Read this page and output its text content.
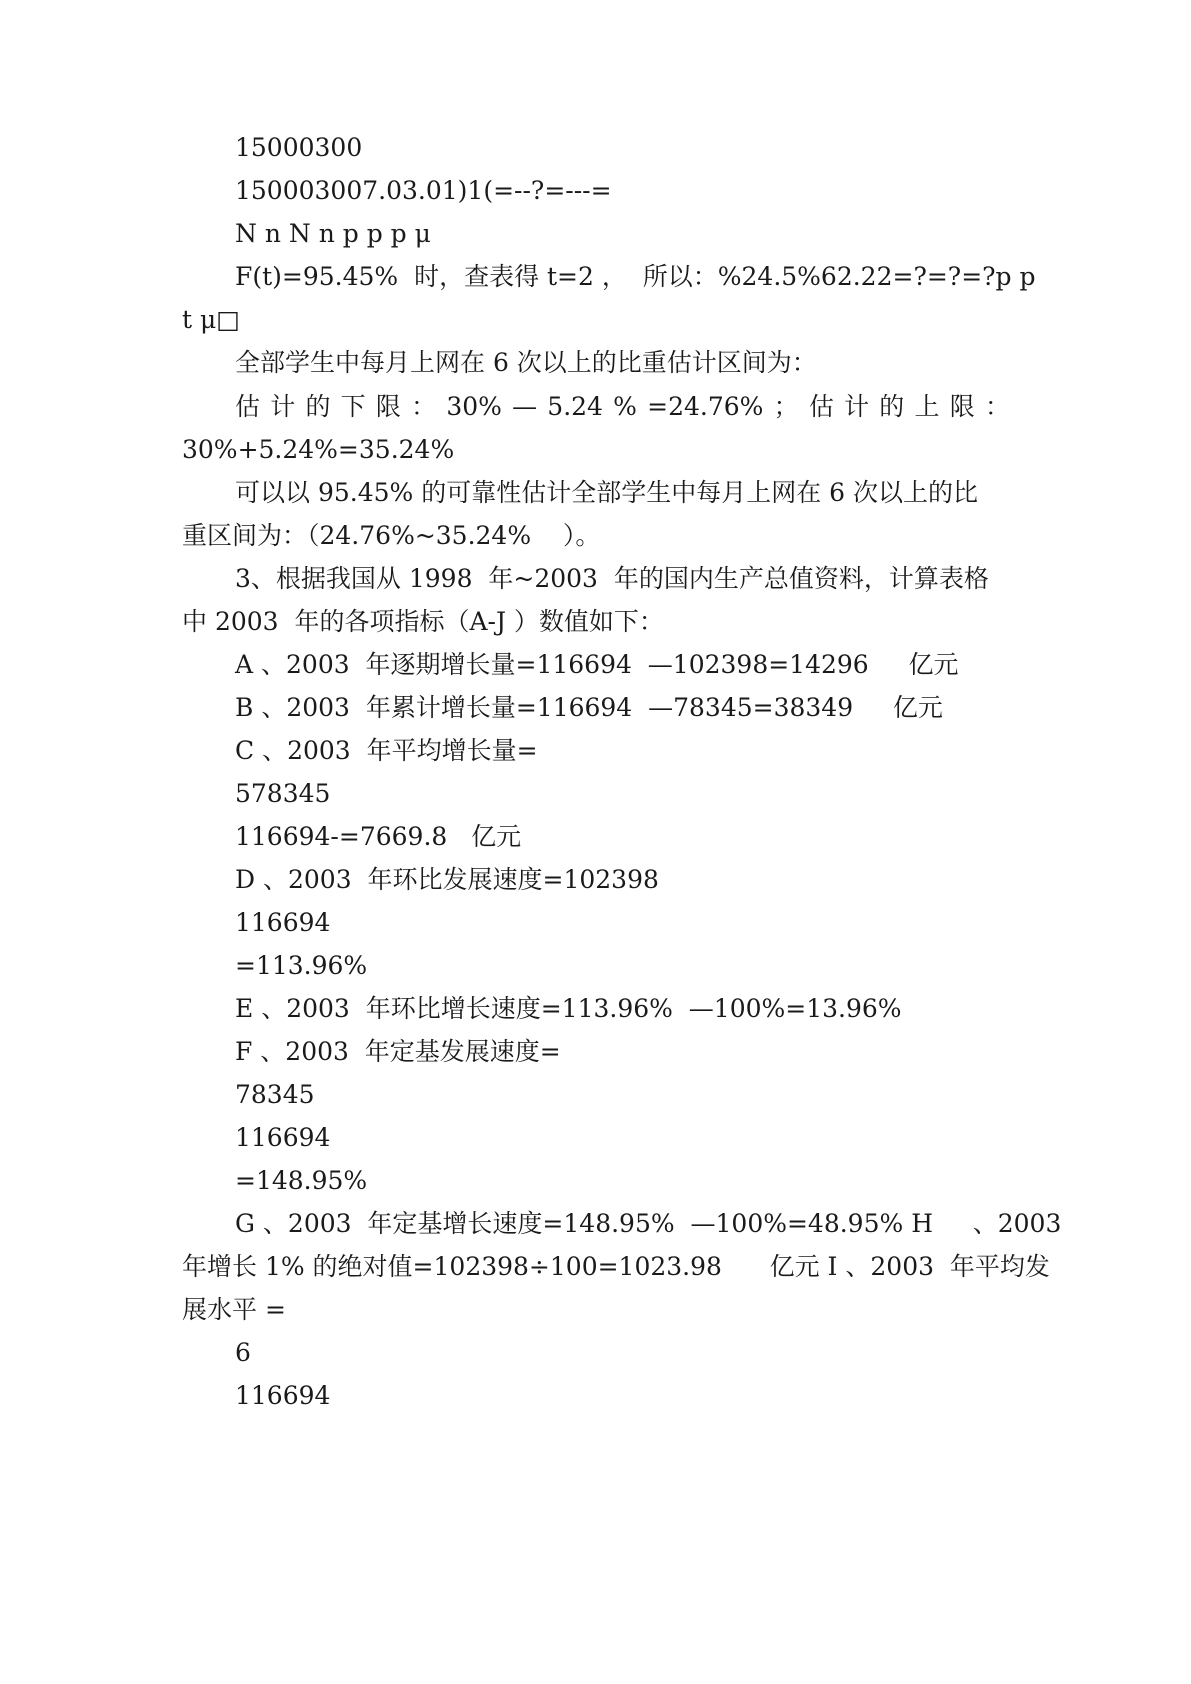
15000300
150003007.03.01)1(=--?=---=
N n N n p p p μ
F(t)=95.45%  时，查表得 t=2 ，  所以：%24.5%62.22=?=?=?p p
t μ□
全部学生中每月上网在 6 次以上的比重估计区间为：
估 计 的 下 限 ： 30% — 5.24 % =24.76% ； 估 计 的 上 限 ：
30%+5.24%=35.24%
可以以 95.45% 的可靠性估计全部学生中每月上网在 6 次以上的比
重区间为：（24.76%~35.24%    ）。
3、根据我国从 1998  年~2003  年的国内生产总值资料，计算表格
中 2003  年的各项指标（A-J ）数值如下：
A 、2003  年逐期增长量=116694  —102398=14296     亿元
B 、2003  年累计增长量=116694  —78345=38349     亿元
C 、2003  年平均增长量=
578345
116694-=7669.8   亿元
D 、2003  年环比发展速度=102398
116694
=113.96%
E 、2003  年环比增长速度=113.96%  —100%=13.96%
F 、2003  年定基发展速度=
78345
116694
=148.95%
G 、2003  年定基增长速度=148.95%  —100%=48.95% H     、2003
年增长 1% 的绝对值=102398÷100=1023.98      亿元 I 、2003  年平均发
展水平 =
6
116694
